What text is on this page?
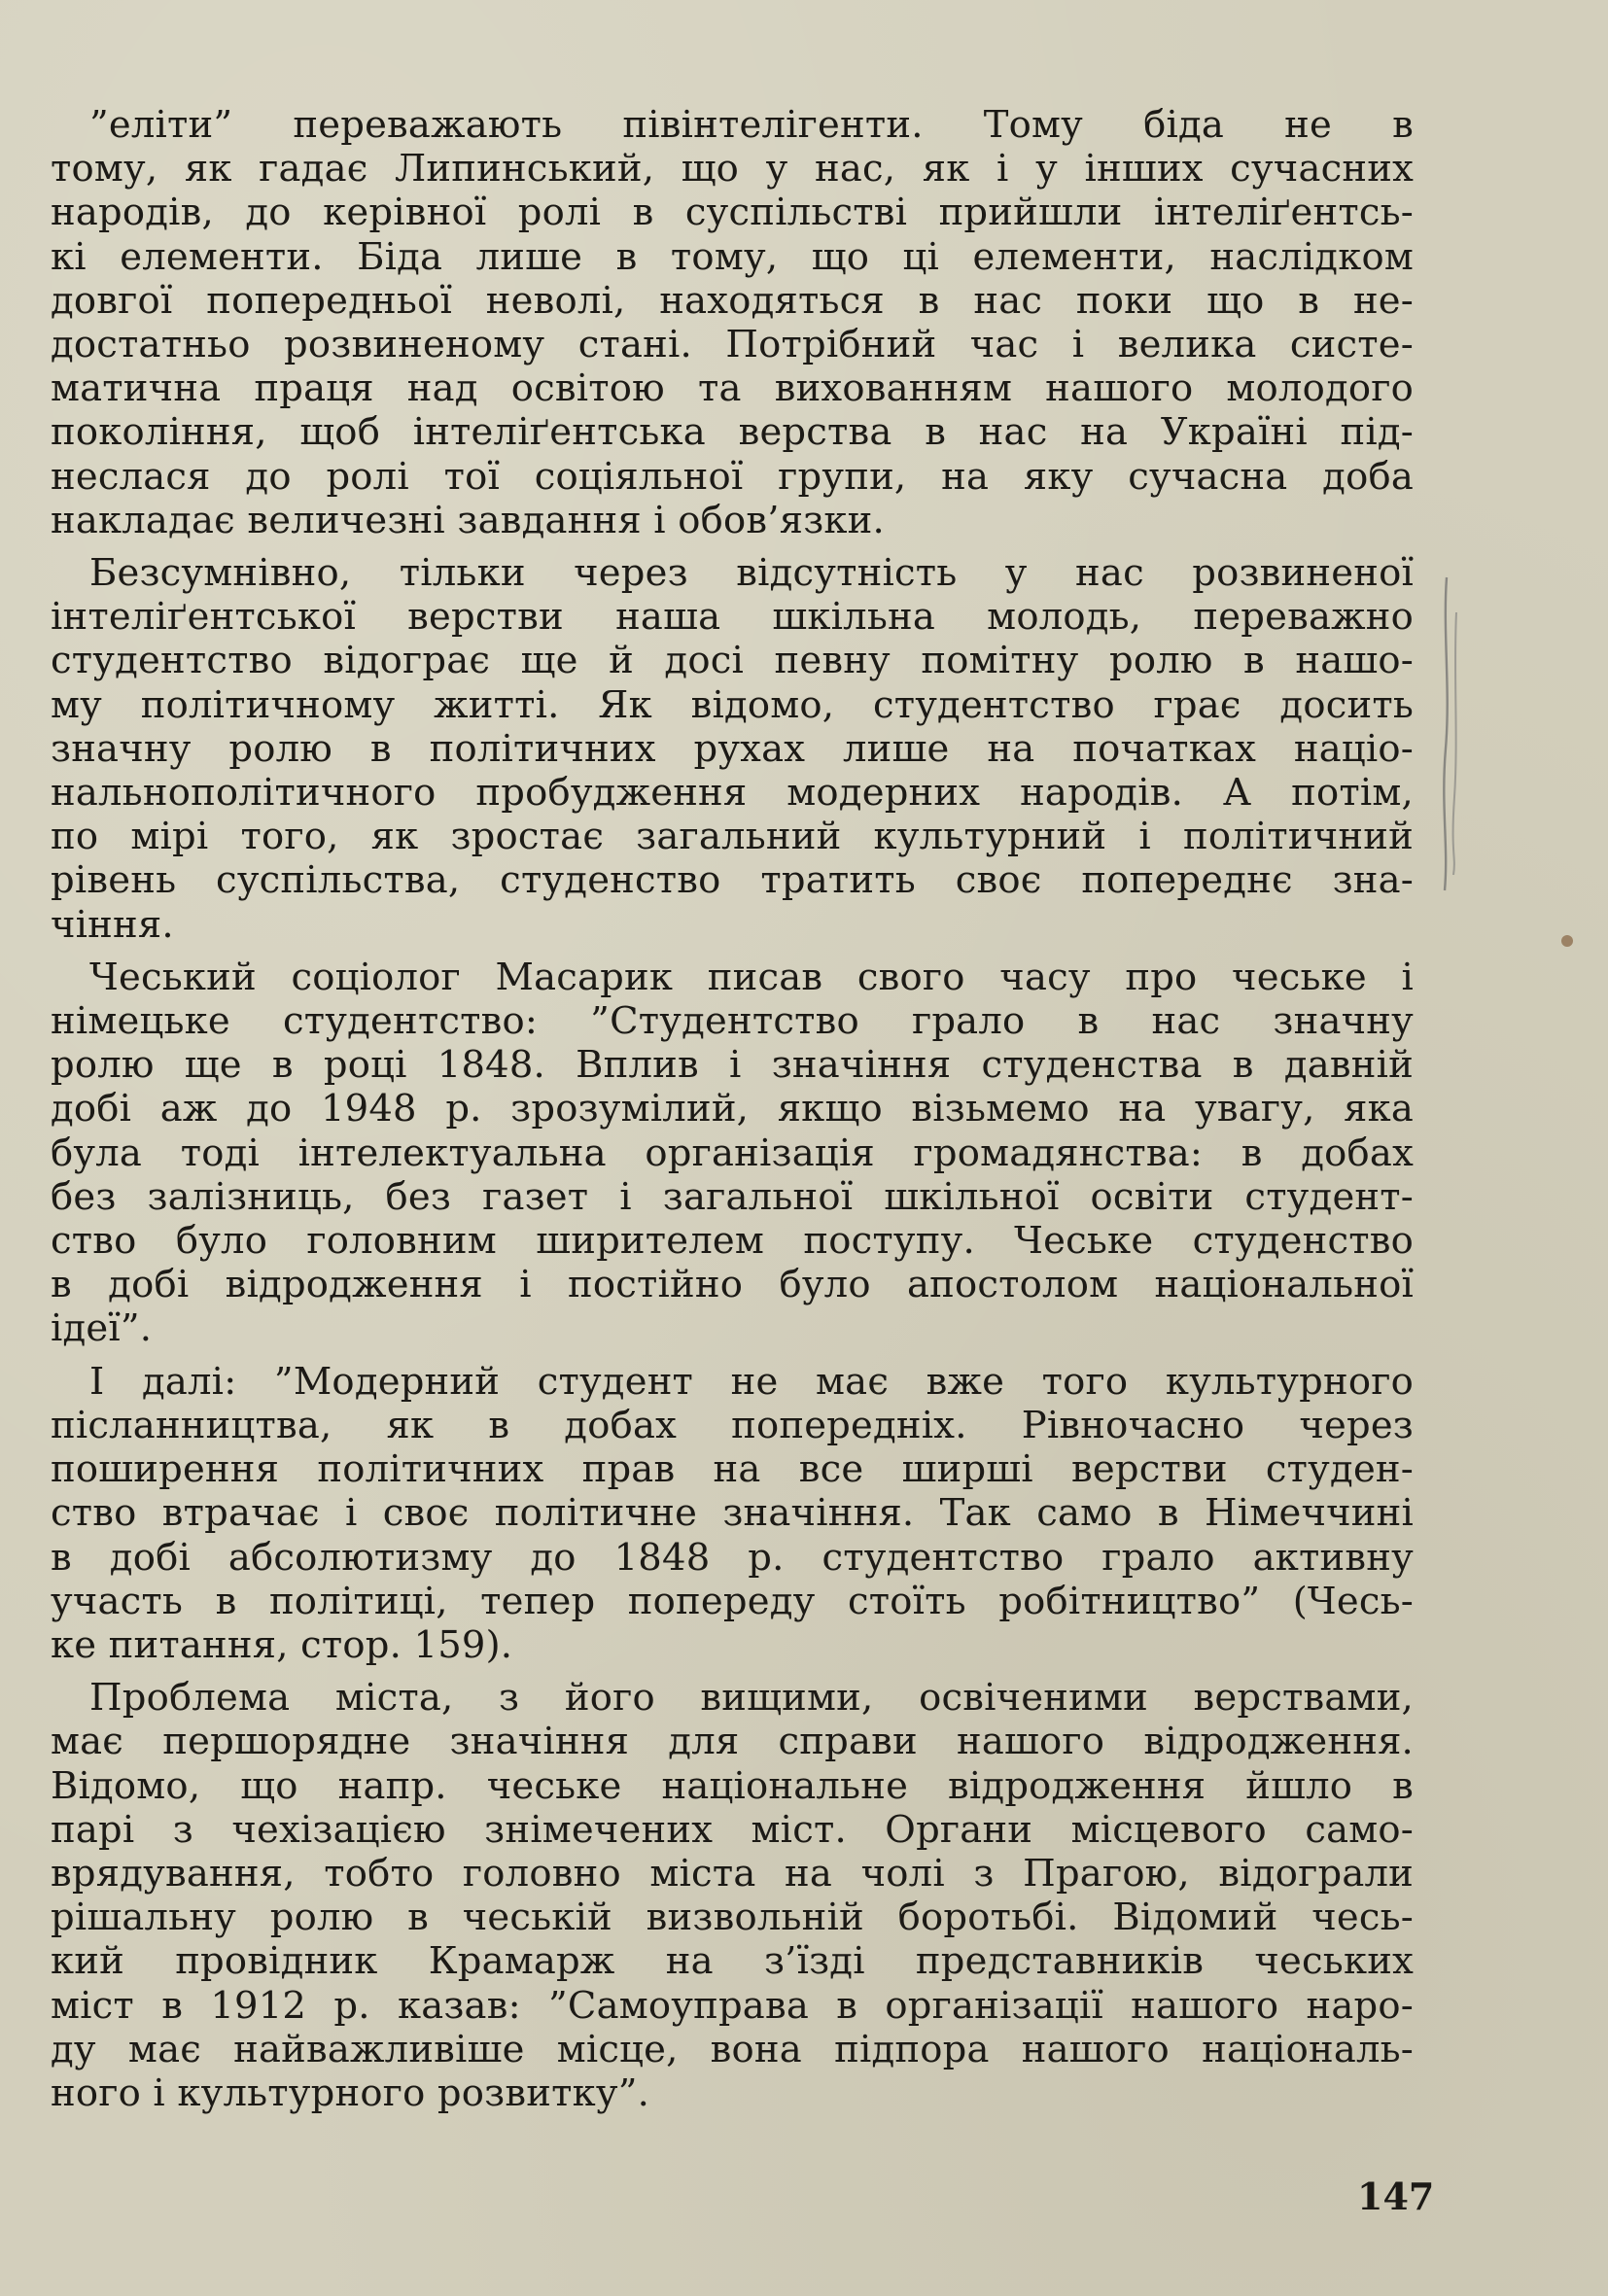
”еліти” переважають півінтелігенти. Тому біда не в
тому, як гадає Липинський, що у нас, як і у інших сучасних
народів, до керівної ролі в суспільстві прийшли інтеліґентсь-
кі елементи. Біда лише в тому, що ці елементи, наслідком
довгої попередньої неволі, находяться в нас поки що в не-
достатньо розвиненому стані. Потрібний час і велика систе-
матична праця над освітою та вихованням нашого молодого
покоління, щоб інтеліґентська верства в нас на Україні під-
неслася до ролі тої соціяльної групи, на яку сучасна доба
накладає величезні завдання і обов’язки.
Безсумнівно, тільки через відсутність у нас розвиненої
інтеліґентської верстви наша шкільна молодь, переважно
студентство відограє ще й досі певну помітну ролю в нашо-
му політичному житті. Як відомо, студентство грає досить
значну ролю в політичних рухах лише на початках націо-
нальнополітичного пробудження модерних народів. А потім,
по мірі того, як зростає загальний культурний і політичний
рівень суспільства, студенство тратить своє попереднє зна-
чіння.
Чеський соціолог Масарик писав свого часу про чеське і
німецьке студентство: ”Студентство грало в нас значну
ролю ще в році 1848. Вплив і значіння студенства в давній
добі аж до 1948 р. зрозумілий, якщо візьмемо на увагу, яка
була тоді інтелектуальна організація громадянства: в добах
без залізниць, без газет і загальної шкільної освіти студент-
ство було головним ширителем поступу. Чеське студенство
в добі відродження і постійно було апостолом національної
ідеї”.
І далі: ”Модерний студент не має вже того культурного
післанництва, як в добах попередніх. Рівночасно через
поширення політичних прав на все ширші верстви студен-
ство втрачає і своє політичне значіння. Так само в Німеччині
в добі абсолютизму до 1848 р. студентство грало активну
участь в політиці, тепер попереду стоїть робітництво” (Чесь-
ке питання, стор. 159).
Проблема міста, з його вищими, освіченими верствами,
має першорядне значіння для справи нашого відродження.
Відомо, що напр. чеське національне відродження йшло в
парі з чехізацією знімечених міст. Органи місцевого само-
врядування, тобто головно міста на чолі з Прагою, відограли
рішальну ролю в чеській визвольній боротьбі. Відомий чесь-
кий провідник Крамарж на з’їзді представників чеських
міст в 1912 р. казав: ”Самоуправа в організації нашого наро-
ду має найважливіше місце, вона підпора нашого національ-
ного і культурного розвитку”.
147
